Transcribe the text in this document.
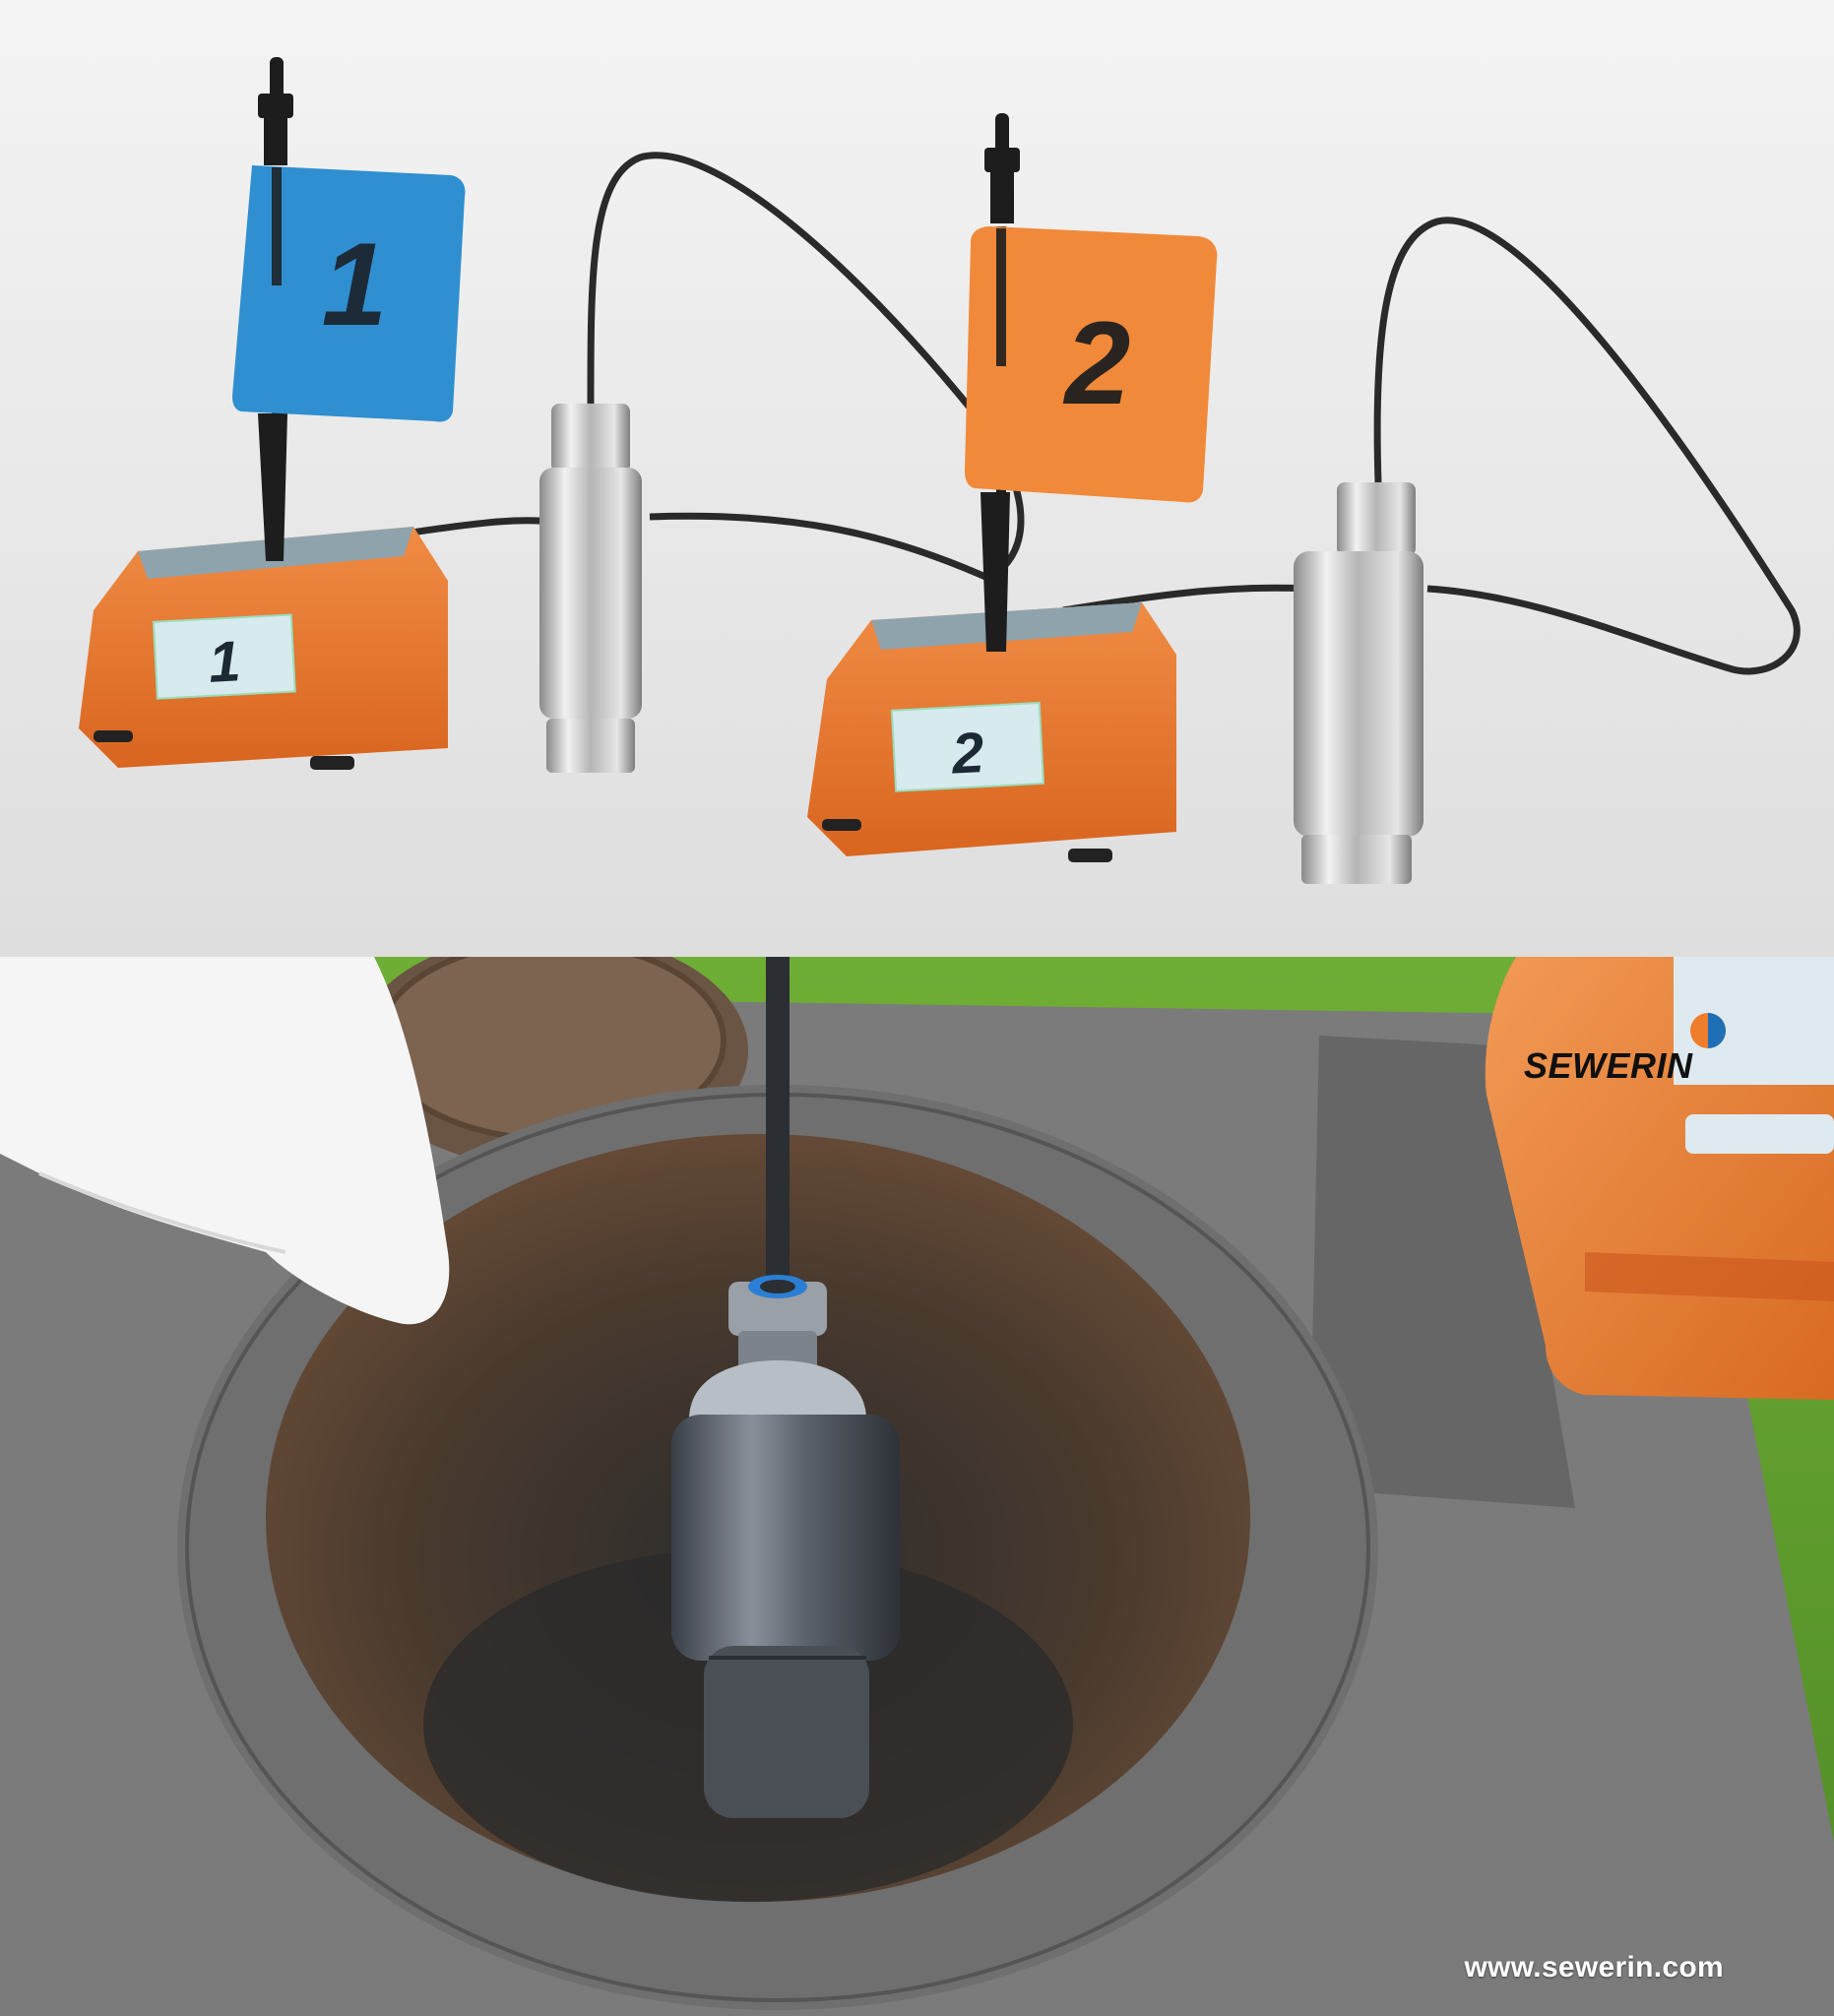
1
1
2
2
SEWERIN
www.sewerin.com
